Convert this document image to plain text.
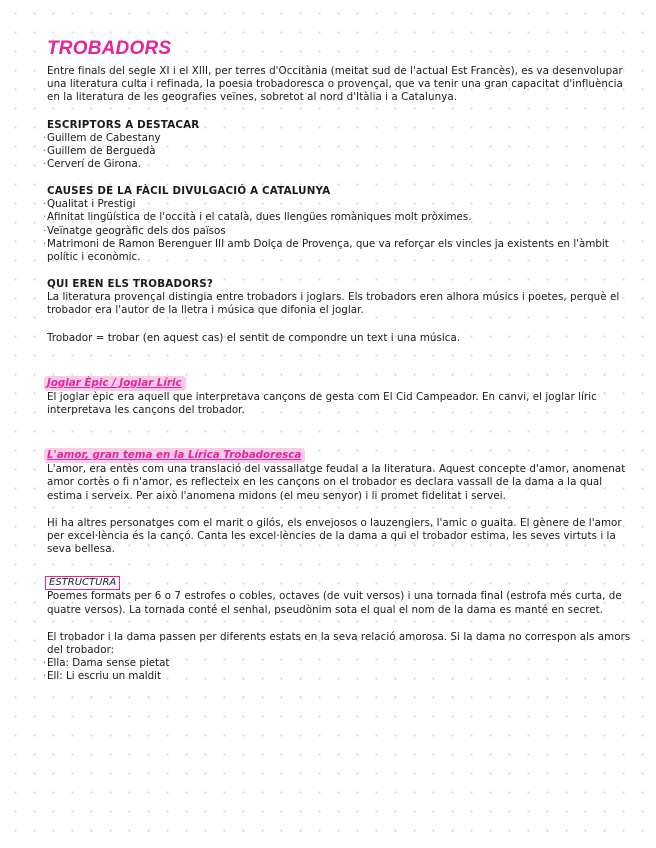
TROBADORS

Entre finals del segle XI i el XIII, per terres d'Occitània (meitat sud de l'actual Est Francès), es va desenvolupar una literatura culta i refinada, la poesia trobadoresca o provençal, que va tenir una gran capacitat d'influència en la literatura de les geografies veïnes, sobretot al nord d'Itàlia i a Catalunya.

ESCRIPTORS A DESTACAR
· Guillem de Cabestany
· Guillem de Berguedà
· Cerverí de Girona.
CAUSES DE LA FÀCIL DIVULGACIÓ A CATALUNYA
· Qualitat i Prestigi
· Afinitat lingüística de l'occità i el català, dues llengües romàniques molt pròximes.
· Veïnatge geogràfic dels dos països
· Matrimoni de Ramon Berenguer III amb Dolça de Provença, que va reforçar els vincles ja existents en l'àmbit polític i econòmic.
QUI EREN ELS TROBADORS?

La literatura provençal distingia entre trobadors i joglars. Els trobadors eren alhora músics i poetes, perquè el trobador era l'autor de la lletra i música que difonia el joglar.

Trobador = trobar (en aquest cas) el sentit de compondre un text i una música.

Joglar Èpic / Joglar Líric

El joglar èpic era aquell que interpretava cançons de gesta com El Cid Campeador. En canvi, el joglar líric interpretava les cançons del trobador.

L'amor, gran tema en la Lírica Trobadoresca

L'amor, era entès com una translació del vassallatge feudal a la literatura. Aquest concepte d'amor, anomenat amor cortès o fi n'amor, es reflecteix en les cançons on el trobador es declara vassall de la dama a la qual estima i serveix. Per això l'anomena midons (el meu senyor) i li promet fidelitat i servei.

Hi ha altres personatges com el marit o gilós, els envejosos o lauzengiers, l'amic o guaita. El gènere de l'amor per excel·lència és la cançó. Canta les excel·lències de la dama a qui el trobador estima, les seves virtuts i la seva bellesa.

ESTRUCTURA

Poemes formats per 6 o 7 estrofes o cobles, octaves (de vuit versos) i una tornada final (estrofa més curta, de quatre versos). La tornada conté el senhal, pseudònim sota el qual el nom de la dama es manté en secret.

El trobador i la dama passen per diferents estats en la seva relació amorosa. Si la dama no correspon als amors del trobador:

· Ella: Dama sense pietat
· Ell: Li escriu un maldit
